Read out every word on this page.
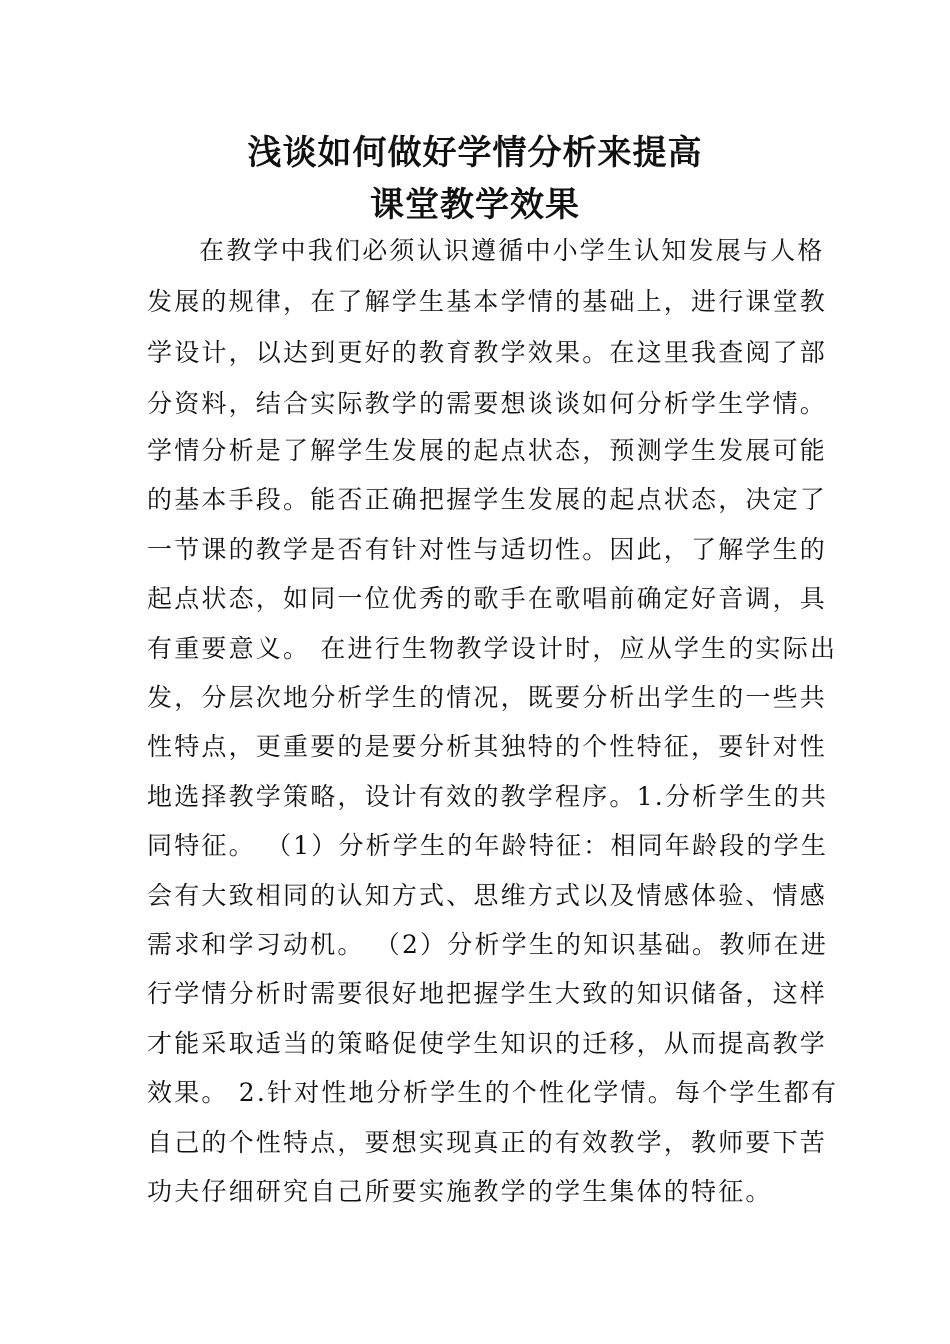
浅谈如何做好学情分析来提高
课堂教学效果
在教学中我们必须认识遵循中小学生认知发展与人格
发展的规律，在了解学生基本学情的基础上，进行课堂教
学设计，以达到更好的教育教学效果。在这里我查阅了部
分资料，结合实际教学的需要想谈谈如何分析学生学情。
学情分析是了解学生发展的起点状态，预测学生发展可能
的基本手段。能否正确把握学生发展的起点状态，决定了
一节课的教学是否有针对性与适切性。因此，了解学生的
起点状态，如同一位优秀的歌手在歌唱前确定好音调，具
有重要意义。 在进行生物教学设计时，应从学生的实际出
发，分层次地分析学生的情况，既要分析出学生的一些共
性特点，更重要的是要分析其独特的个性特征，要针对性
地选择教学策略，设计有效的教学程序。1.分析学生的共
同特征。 （1）分析学生的年龄特征：相同年龄段的学生
会有大致相同的认知方式、思维方式以及情感体验、情感
需求和学习动机。 （2）分析学生的知识基础。教师在进
行学情分析时需要很好地把握学生大致的知识储备，这样
才能采取适当的策略促使学生知识的迁移，从而提高教学
效果。 2.针对性地分析学生的个性化学情。每个学生都有
自己的个性特点，要想实现真正的有效教学，教师要下苦
功夫仔细研究自己所要实施教学的学生集体的特征。
